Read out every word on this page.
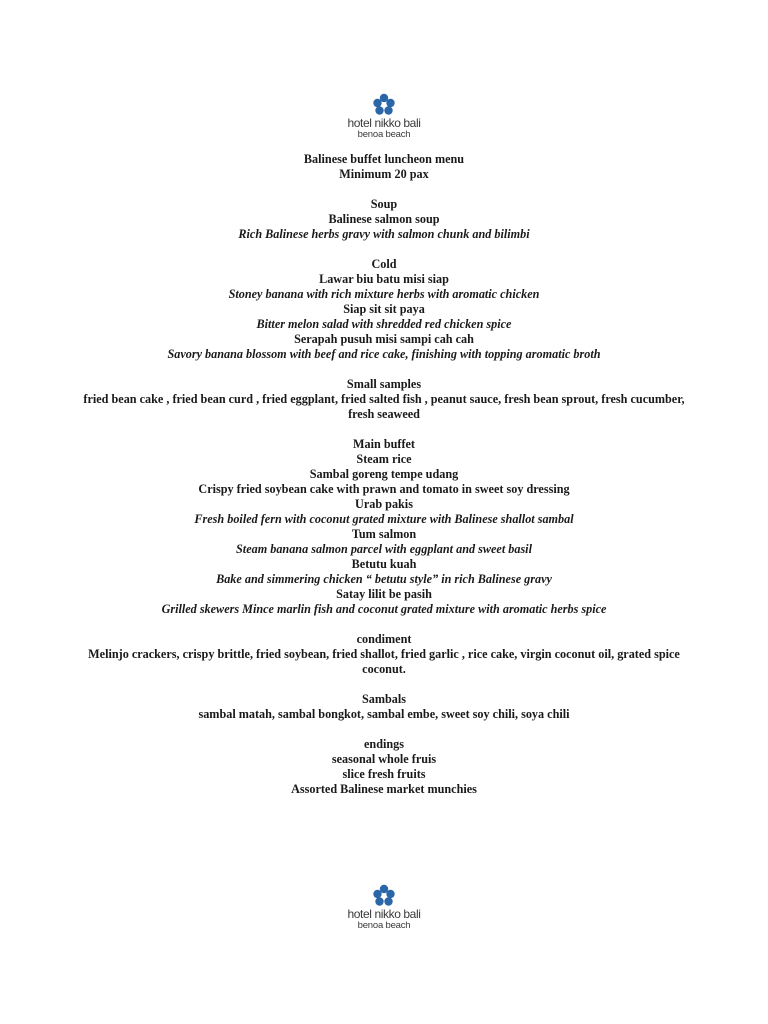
hotel nikko bali
benoa beach
Balinese buffet luncheon menu
Minimum 20 pax
Soup
Balinese salmon soup
Rich Balinese herbs gravy with salmon chunk and bilimbi
Cold
Lawar biu batu misi siap
Stoney banana with rich mixture herbs with aromatic chicken
Siap sit sit paya
Bitter melon salad with shredded red chicken spice
Serapah pusuh misi sampi cah cah
Savory banana blossom with beef and rice cake, finishing with topping aromatic broth
Small samples
fried bean cake , fried bean curd , fried eggplant, fried salted fish , peanut sauce, fresh bean sprout, fresh cucumber, fresh seaweed
Main buffet
Steam rice
Sambal goreng tempe udang
Crispy fried soybean cake with prawn and tomato in sweet soy dressing
Urab pakis
Fresh boiled fern with coconut grated mixture with Balinese shallot sambal
Tum salmon
Steam banana salmon parcel with eggplant and sweet basil
Betutu kuah
Bake and simmering chicken “ betutu style” in rich Balinese gravy
Satay lilit be pasih
Grilled skewers Mince marlin fish and coconut grated mixture with aromatic herbs spice
condiment
Melinjo crackers, crispy brittle, fried soybean, fried shallot, fried garlic , rice cake, virgin coconut oil, grated spice coconut.
Sambals
sambal matah, sambal bongkot, sambal embe, sweet soy chili, soya chili
endings
seasonal whole fruis
slice fresh fruits
Assorted Balinese market munchies
hotel nikko bali
benoa beach
